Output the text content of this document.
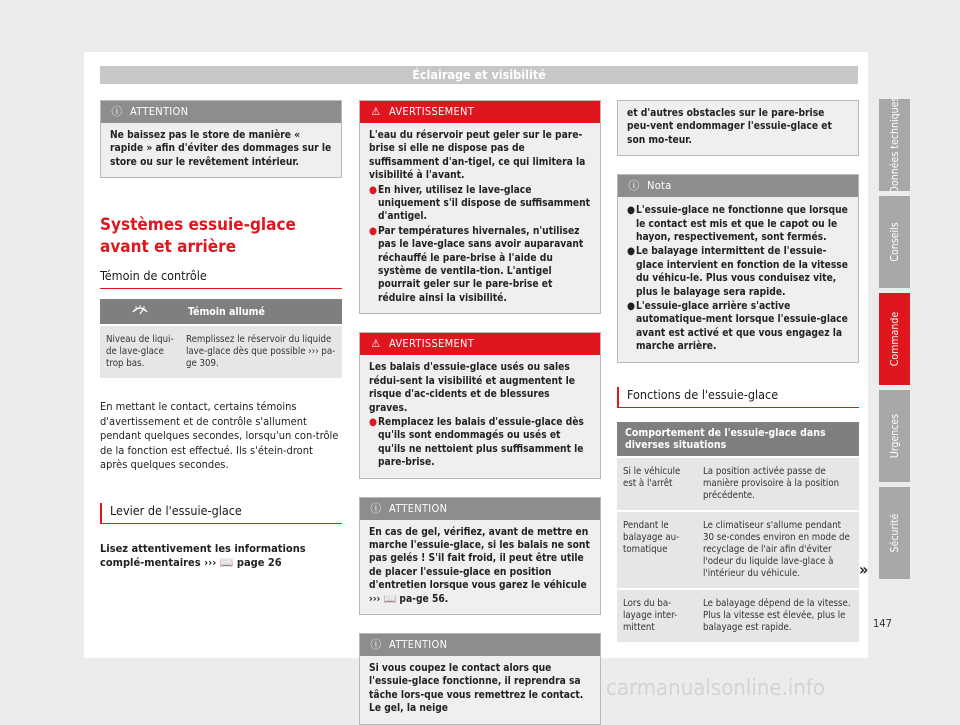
Éclairage et visibilité
ⓘ ATTENTION
Ne baissez pas le store de manière « rapide » afin d'éviter des dommages sur le store ou sur le revêtement intérieur.
Systèmes essuie-glace avant et arrière
Témoin de contrôle
	Témoin allumé
Niveau de liqui-de lave-glace trop bas.	Remplissez le réservoir du liquide lave-glace dès que possible ››› pa-ge 309.
En mettant le contact, certains témoins d'avertissement et de contrôle s'allument pendant quelques secondes, lorsqu'un con-trôle de la fonction est effectué. Ils s'étein-dront après quelques secondes.
Levier de l'essuie-glace
Lisez attentivement les informations complé-mentaires ››› 📖 page 26
⚠ AVERTISSEMENT
L'eau du réservoir peut geler sur le pare-brise si elle ne dispose pas de suffisamment d'an-tigel, ce qui limitera la visibilité à l'avant.
● En hiver, utilisez le lave-glace uniquement s'il dispose de suffisamment d'antigel.
● Par températures hivernales, n'utilisez pas le lave-glace sans avoir auparavant réchauffé le pare-brise à l'aide du système de ventila-tion. L'antigel pourrait geler sur le pare-brise et réduire ainsi la visibilité.
⚠ AVERTISSEMENT
Les balais d'essuie-glace usés ou sales rédui-sent la visibilité et augmentent le risque d'ac-cidents et de blessures graves.
● Remplacez les balais d'essuie-glace dès qu'ils sont endommagés ou usés et qu'ils ne nettoient plus suffisamment le pare-brise.
ⓘ ATTENTION
En cas de gel, vérifiez, avant de mettre en marche l'essuie-glace, si les balais ne sont pas gelés ! S'il fait froid, il peut être utile de placer l'essuie-glace en position d'entretien lorsque vous garez le véhicule ››› 📖 pa-ge 56.
ⓘ ATTENTION
Si vous coupez le contact alors que l'essuie-glace fonctionne, il reprendra sa tâche lors-que vous remettrez le contact. Le gel, la neige
et d'autres obstacles sur le pare-brise peu-vent endommager l'essuie-glace et son mo-teur.
ⓘ Nota
● L'essuie-glace ne fonctionne que lorsque le contact est mis et que le capot ou le hayon, respectivement, sont fermés.
● Le balayage intermittent de l'essuie-glace intervient en fonction de la vitesse du véhicu-le. Plus vous conduisez vite, plus le balayage sera rapide.
● L'essuie-glace arrière s'active automatique-ment lorsque l'essuie-glace avant est activé et que vous engagez la marche arrière.
Fonctions de l'essuie-glace
Comportement de l'essuie-glace dans diverses situations	
Si le véhicule est à l'arrêt	La position activée passe de manière provisoire à la position précédente.
Pendant le balayage au-tomatique	Le climatiseur s'allume pendant 30 se-condes environ en mode de recyclage de l'air afin d'éviter l'odeur du liquide lave-glace à l'intérieur du véhicule.
Lors du ba-layage inter-mittent	Le balayage dépend de la vitesse. Plus la vitesse est élevée, plus le balayage est rapide.
Données techniques
Conseils
Commande
Urgences
Sécurité
»
147
carmanualsonline.info
